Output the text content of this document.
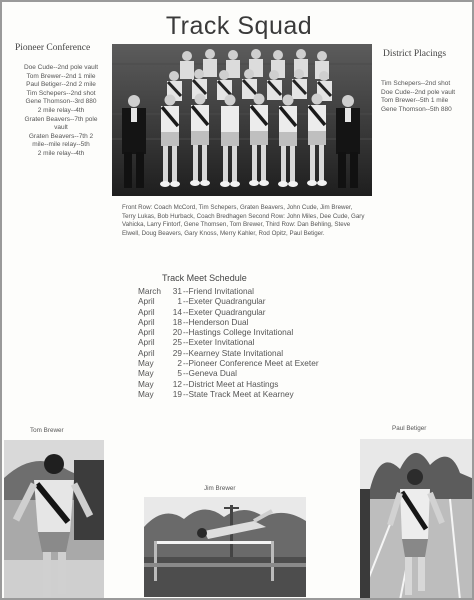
Track Squad
Pioneer Conference
Doe Cude--2nd pole vault
Tom Brewer--2nd 1 mile
Paul Betiger--2nd 2 mile
Tim Schepers--2nd shot
Gene Thomson--3rd 880
2 mile relay--4th
Graten Beavers--7th pole
vault
Graten Beavers--7th 2
mile--mile relay--5th
2 mile relay--4th
District Placings
Tim Schepers--2nd shot
Doe Cude--2nd pole vault
Tom Brewer--5th 1 mile
Gene Thomson--5th 880
Front Row: Coach McCord, Tim Schepers, Graten Beavers, John Cude, Jim Brewer, Terry Lukas, Bob Hurback, Coach Bredhagen Second Row: John Miles, Dee Cude, Gary Vahicka, Larry Fintorf, Gene Thomsen, Tom Brewer, Third Row: Dan Behling, Steve Elwell, Doug Beavers, Gary Knoss, Merry Kahler, Rod Opitz, Paul Betiger.
Track Meet Schedule
March	31 --Friend Invitational
April	1 --Exeter Quadrangular
April	14 --Exeter Quadrangular
April	18 --Henderson Dual
April	20 --Hastings College Invitational
April	25 --Exeter Invitational
April	29 --Kearney State Invitational
May	2 --Pioneer Conference Meet at Exeter
May	5 --Geneva Dual
May	12 --District Meet at Hastings
May	19 --State Track Meet at Kearney
Tom Brewer
Jim Brewer
Paul Betiger
